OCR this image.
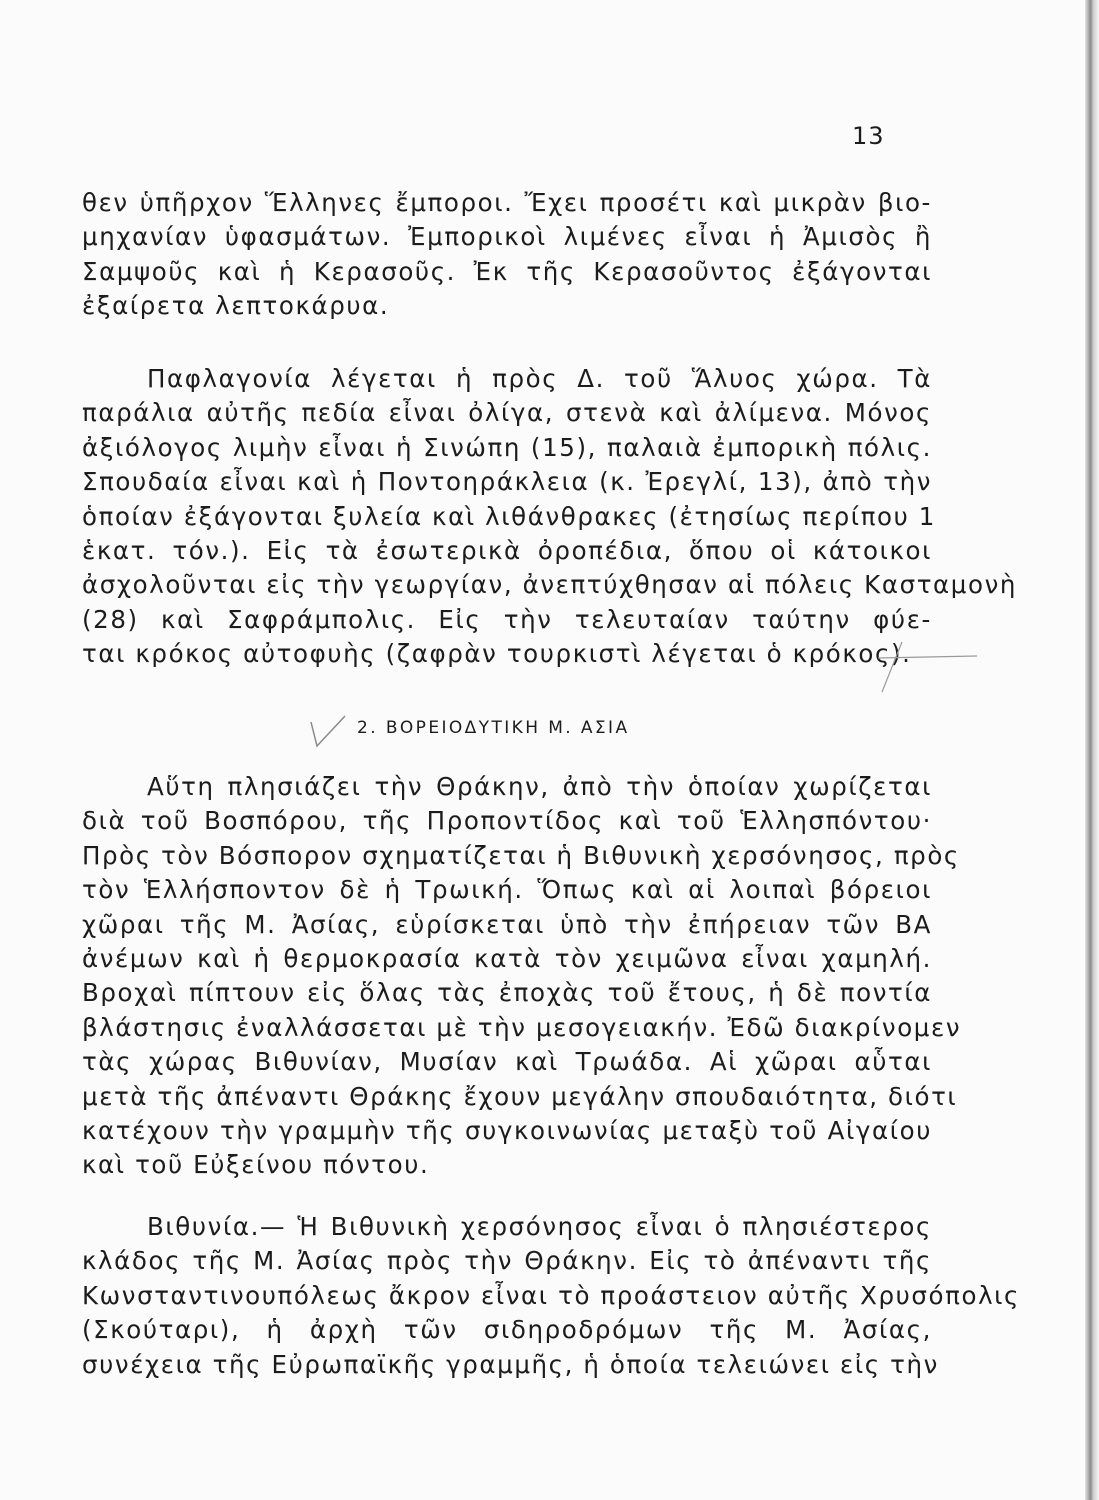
13
θεν ὑπῆρχον Ἕλληνες ἔμποροι. Ἔχει προσέτι καὶ μικρὰν βιο-
μηχανίαν ὑφασμάτων. Ἐμπορικοὶ λιμένες εἶναι ἡ Ἀμισὸς ἢ
Σαμψοῦς καὶ ἡ Κερασοῦς. Ἐκ τῆς Κερασοῦντος ἐξάγονται
ἐξαίρετα λεπτοκάρυα.
Παφλαγονία λέγεται ἡ πρὸς Δ. τοῦ Ἅλυος χώρα. Τὰ
παράλια αὐτῆς πεδία εἶναι ὀλίγα, στενὰ καὶ ἀλίμενα. Μόνος
ἀξιόλογος λιμὴν εἶναι ἡ Σινώπη (15), παλαιὰ ἐμπορικὴ πόλις.
Σπουδαία εἶναι καὶ ἡ Ποντοηράκλεια (κ. Ἐρεγλί, 13), ἀπὸ τὴν
ὁποίαν ἐξάγονται ξυλεία καὶ λιθάνθρακες (ἐτησίως περίπου 1
ἑκατ. τόν.). Εἰς τὰ ἐσωτερικὰ ὀροπέδια, ὅπου οἱ κάτοικοι
ἀσχολοῦνται εἰς τὴν γεωργίαν, ἀνεπτύχθησαν αἱ πόλεις Κασταμονὴ
(28) καὶ Σαφράμπολις. Εἰς τὴν τελευταίαν ταύτην φύε-
ται κρόκος αὐτοφυὴς (ζαφρὰν τουρκιστὶ λέγεται ὁ κρόκος).
2. ΒΟΡΕΙΟΔΥΤΙΚΗ Μ. ΑΣΙΑ
Αὕτη πλησιάζει τὴν Θράκην, ἀπὸ τὴν ὁποίαν χωρίζεται
διὰ τοῦ Βοσπόρου, τῆς Προποντίδος καὶ τοῦ Ἑλλησπόντου·
Πρὸς τὸν Βόσπορον σχηματίζεται ἡ Βιθυνικὴ χερσόνησος, πρὸς
τὸν Ἑλλήσποντον δὲ ἡ Τρωική. Ὅπως καὶ αἱ λοιπαὶ βόρειοι
χῶραι τῆς Μ. Ἀσίας, εὑρίσκεται ὑπὸ τὴν ἐπήρειαν τῶν ΒΑ
ἀνέμων καὶ ἡ θερμοκρασία κατὰ τὸν χειμῶνα εἶναι χαμηλή.
Βροχαὶ πίπτουν εἰς ὅλας τὰς ἐποχὰς τοῦ ἔτους, ἡ δὲ ποντία
βλάστησις ἐναλλάσσεται μὲ τὴν μεσογειακήν. Ἐδῶ διακρίνομεν
τὰς χώρας Βιθυνίαν, Μυσίαν καὶ Τρωάδα. Αἱ χῶραι αὗται
μετὰ τῆς ἀπέναντι Θράκης ἔχουν μεγάλην σπουδαιότητα, διότι
κατέχουν τὴν γραμμὴν τῆς συγκοινωνίας μεταξὺ τοῦ Αἰγαίου
καὶ τοῦ Εὐξείνου πόντου.
Βιθυνία.— Ἡ Βιθυνικὴ χερσόνησος εἶναι ὁ πλησιέστερος
κλάδος τῆς Μ. Ἀσίας πρὸς τὴν Θράκην. Εἰς τὸ ἀπέναντι τῆς
Κωνσταντινουπόλεως ἄκρον εἶναι τὸ προάστειον αὐτῆς Χρυσόπολις
(Σκούταρι), ἡ ἀρχὴ τῶν σιδηροδρόμων τῆς Μ. Ἀσίας,
συνέχεια τῆς Εὐρωπαϊκῆς γραμμῆς, ἡ ὁποία τελειώνει εἰς τὴν
